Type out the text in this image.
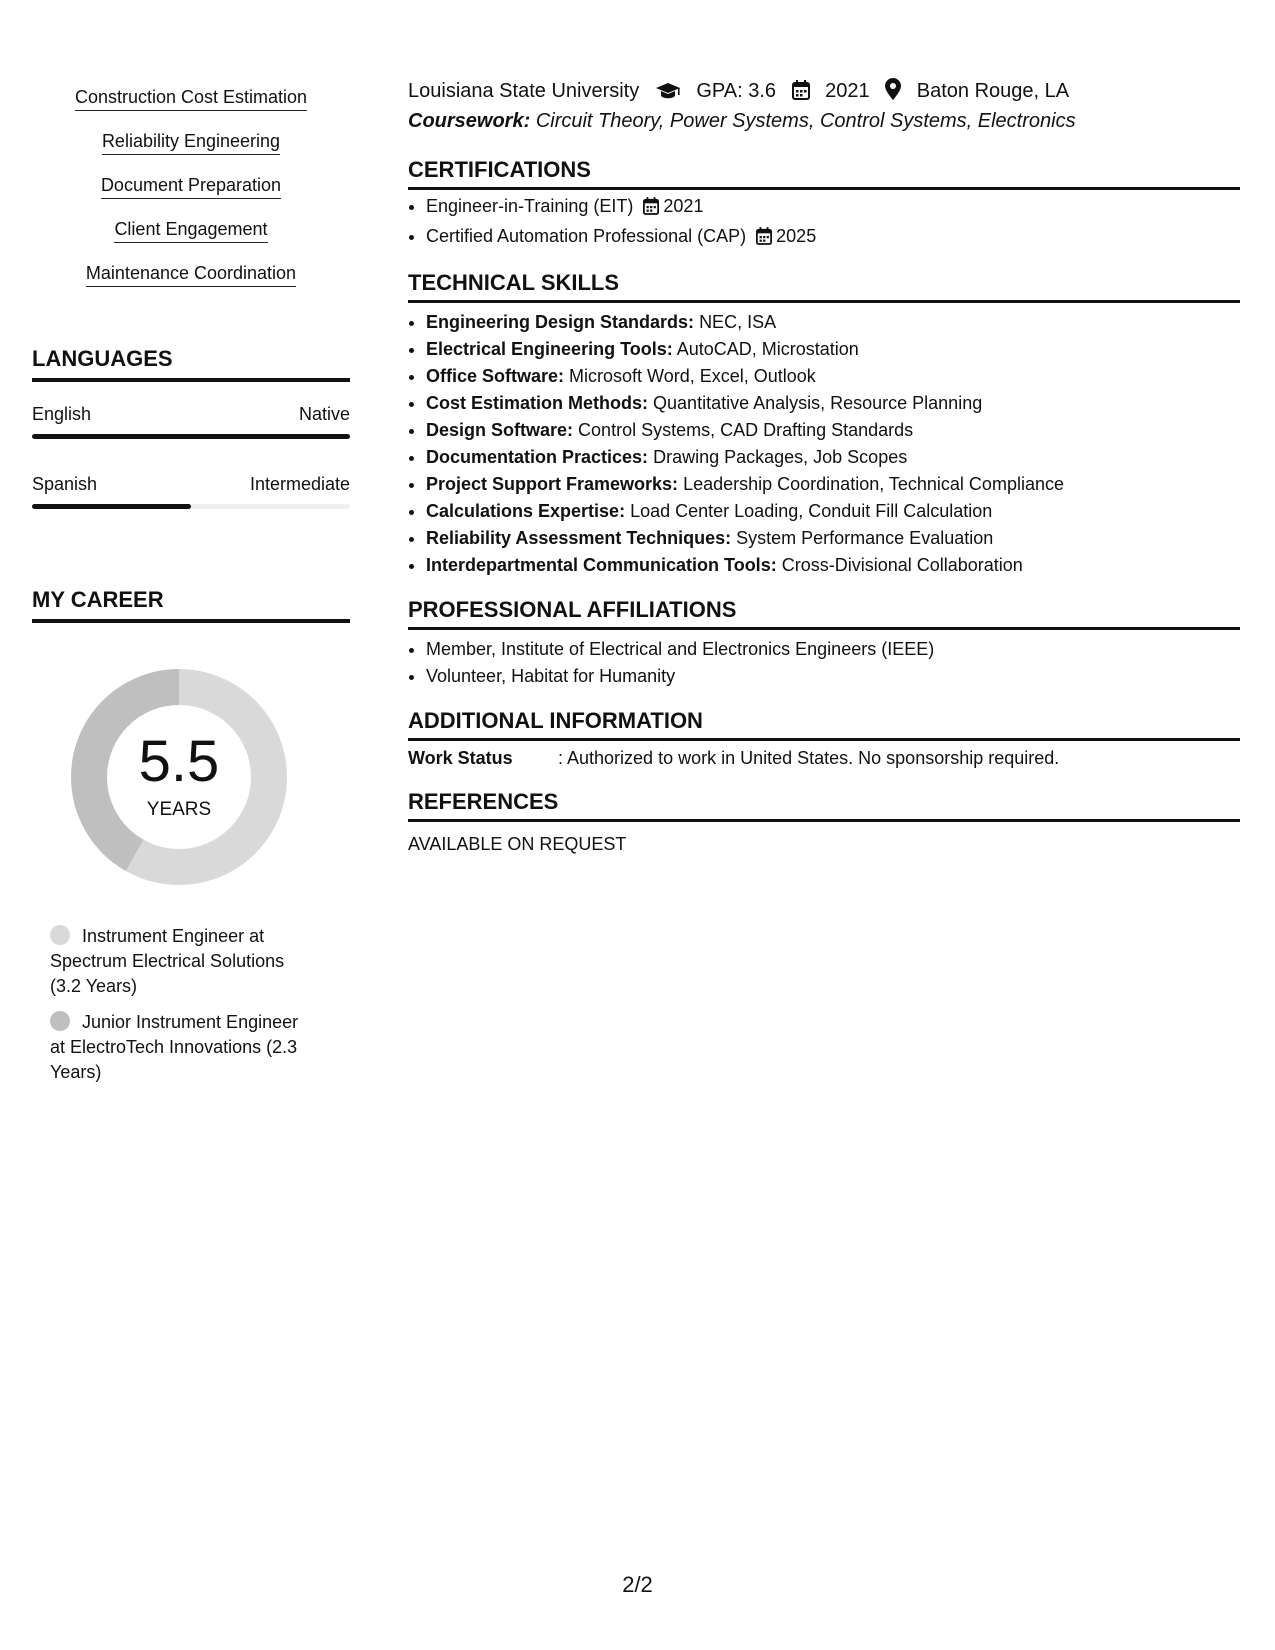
Construction Cost Estimation
Reliability Engineering
Document Preparation
Client Engagement
Maintenance Coordination
LANGUAGES
English	Native
Spanish	Intermediate
MY CAREER
5.5
YEARS
Instrument Engineer at Spectrum Electrical Solutions (3.2 Years)
Junior Instrument Engineer at ElectroTech Innovations (2.3 Years)
Louisiana State University	GPA: 3.6 2021 Baton Rouge, LA
Coursework: Circuit Theory, Power Systems, Control Systems, Electronics
CERTIFICATIONS
• Engineer-in-Training (EIT) 2021
• Certified Automation Professional (CAP) 2025
TECHNICAL SKILLS
• Engineering Design Standards: NEC, ISA
• Electrical Engineering Tools: AutoCAD, Microstation
• Office Software: Microsoft Word, Excel, Outlook
• Cost Estimation Methods: Quantitative Analysis, Resource Planning
• Design Software: Control Systems, CAD Drafting Standards
• Documentation Practices: Drawing Packages, Job Scopes
• Project Support Frameworks: Leadership Coordination, Technical Compliance
• Calculations Expertise: Load Center Loading, Conduit Fill Calculation
• Reliability Assessment Techniques: System Performance Evaluation
• Interdepartmental Communication Tools: Cross-Divisional Collaboration
PROFESSIONAL AFFILIATIONS
• Member, Institute of Electrical and Electronics Engineers (IEEE)
• Volunteer, Habitat for Humanity
ADDITIONAL INFORMATION
Work Status	: Authorized to work in United States. No sponsorship required.
REFERENCES
AVAILABLE ON REQUEST
2/2
